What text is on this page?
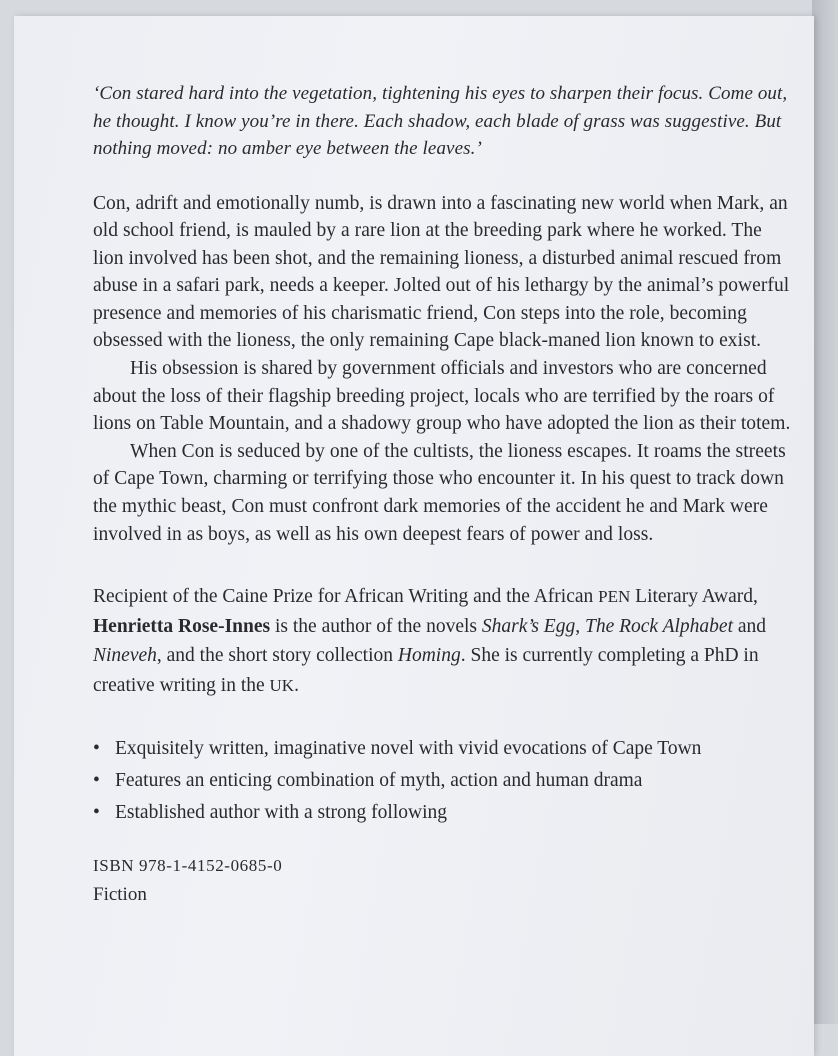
‘Con stared hard into the vegetation, tightening his eyes to sharpen their focus. Come out, he thought. I know you’re in there. Each shadow, each blade of grass was suggestive. But nothing moved: no amber eye between the leaves.’

Con, adrift and emotionally numb, is drawn into a fascinating new world when Mark, an old school friend, is mauled by a rare lion at the breeding park where he worked. The lion involved has been shot, and the remaining lioness, a disturbed animal rescued from abuse in a safari park, needs a keeper. Jolted out of his lethargy by the animal’s powerful presence and memories of his charismatic friend, Con steps into the role, becoming obsessed with the lioness, the only remaining Cape black-maned lion known to exist.

His obsession is shared by government officials and investors who are concerned about the loss of their flagship breeding project, locals who are terrified by the roars of lions on Table Mountain, and a shadowy group who have adopted the lion as their totem.

When Con is seduced by one of the cultists, the lioness escapes. It roams the streets of Cape Town, charming or terrifying those who encounter it. In his quest to track down the mythic beast, Con must confront dark memories of the accident he and Mark were involved in as boys, as well as his own deepest fears of power and loss.

Recipient of the Caine Prize for African Writing and the African PEN Literary Award, Henrietta Rose-Innes is the author of the novels Shark’s Egg, The Rock Alphabet and Nineveh, and the short story collection Homing. She is currently completing a PhD in creative writing in the UK.

• Exquisitely written, imaginative novel with vivid evocations of Cape Town
• Features an enticing combination of myth, action and human drama
• Established author with a strong following
ISBN 978-1-4152-0685-0
Fiction
